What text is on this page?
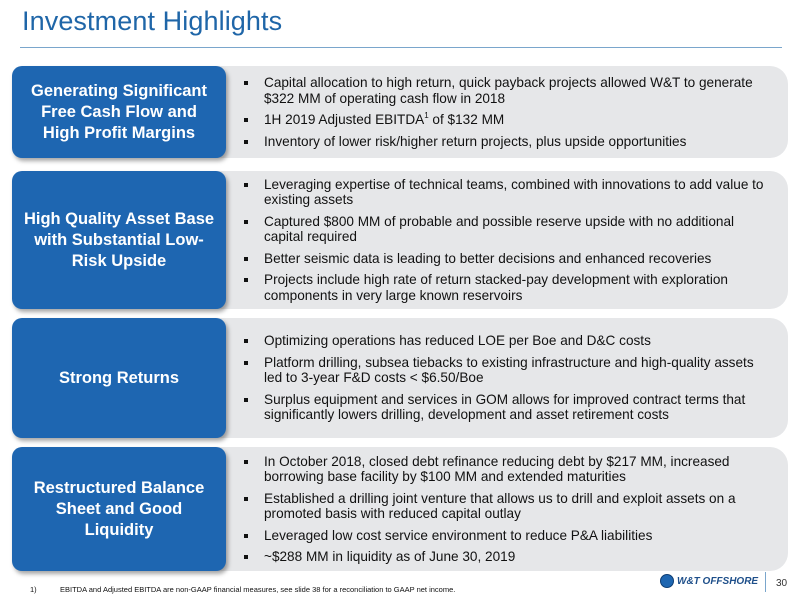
Investment Highlights
Generating Significant Free Cash Flow and High Profit Margins
Capital allocation to high return, quick payback projects allowed W&T to generate $322 MM of operating cash flow in 2018
1H 2019 Adjusted EBITDA$^1$ of $132 MM
Inventory of lower risk/higher return projects, plus upside opportunities
High Quality Asset Base with Substantial Low-Risk Upside
Leveraging expertise of technical teams, combined with innovations to add value to existing assets
Captured $800 MM of probable and possible reserve upside with no additional capital required
Better seismic data is leading to better decisions and enhanced recoveries
Projects include high rate of return stacked-pay development with exploration components in very large known reservoirs
Strong Returns
Optimizing operations has reduced LOE per Boe and D&C costs
Platform drilling, subsea tiebacks to existing infrastructure and high-quality assets led to 3-year F&D costs < $6.50/Boe
Surplus equipment and services in GOM allows for improved contract terms that significantly lowers drilling, development and asset retirement costs
Restructured Balance Sheet and Good Liquidity
In October 2018, closed debt refinance reducing debt by $217 MM, increased borrowing base facility by $100 MM and extended maturities
Established a drilling joint venture that allows us to drill and exploit assets on a promoted basis with reduced capital outlay
Leveraged low cost service environment to reduce P&A liabilities
~$288 MM in liquidity as of June 30, 2019
1)	EBITDA and Adjusted EBITDA are non-GAAP financial measures, see slide 38 for a reconciliation to GAAP net income.
W&T OFFSHORE 30
